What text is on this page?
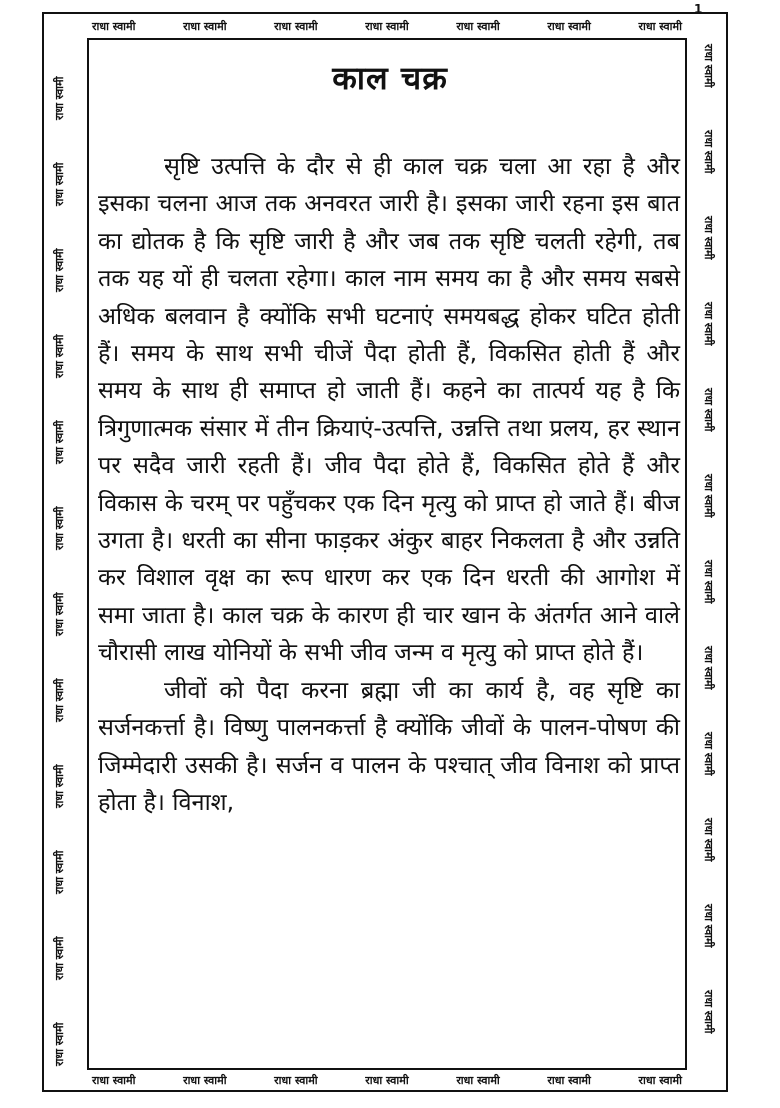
1
राधा स्वामी	राधा स्वामी	राधा स्वामी	राधा स्वामी	राधा स्वामी	राधा स्वामी	राधा स्वामी
राधा स्वामी	राधा स्वामी	राधा स्वामी	राधा स्वामी	राधा स्वामी	राधा स्वामी	राधा स्वामी
राधा स्वामी
राधा स्वामी
राधा स्वामी
राधा स्वामी
राधा स्वामी
राधा स्वामी
राधा स्वामी
राधा स्वामी
राधा स्वामी
राधा स्वामी
राधा स्वामी
राधा स्वामी
राधा स्वामी
राधा स्वामी
राधा स्वामी
राधा स्वामी
राधा स्वामी
राधा स्वामी
राधा स्वामी
राधा स्वामी
राधा स्वामी
राधा स्वामी
राधा स्वामी
राधा स्वामी
काल चक्र

सृष्टि उत्पत्ति के दौर से ही काल चक्र चला आ रहा है और इसका चलना आज तक अनवरत जारी है। इसका जारी रहना इस बात का द्योतक है कि सृष्टि जारी है और जब तक सृष्टि चलती रहेगी, तब तक यह यों ही चलता रहेगा। काल नाम समय का है और समय सबसे अधिक बलवान है क्योंकि सभी घटनाएं समयबद्ध होकर घटित होती हैं। समय के साथ सभी चीजें पैदा होती हैं, विकसित होती हैं और समय के साथ ही समाप्त हो जाती हैं। कहने का तात्पर्य यह है कि त्रिगुणात्मक संसार में तीन क्रियाएं-उत्पत्ति, उन्नत्ति तथा प्रलय, हर स्थान पर सदैव जारी रहती हैं। जीव पैदा होते हैं, विकसित होते हैं और विकास के चरम् पर पहुँचकर एक दिन मृत्यु को प्राप्त हो जाते हैं। बीज उगता है। धरती का सीना फाड़कर अंकुर बाहर निकलता है और उन्नति कर विशाल वृक्ष का रूप धारण कर एक दिन धरती की आगोश में समा जाता है। काल चक्र के कारण ही चार खान के अंतर्गत आने वाले चौरासी लाख योनियों के सभी जीव जन्म व मृत्यु को प्राप्त होते हैं।

जीवों को पैदा करना ब्रह्मा जी का कार्य है, वह सृष्टि का सर्जनकर्त्ता है। विष्णु पालनकर्त्ता है क्योंकि जीवों के पालन-पोषण की जिम्मेदारी उसकी है। सर्जन व पालन के पश्चात् जीव विनाश को प्राप्त होता है। विनाश,
